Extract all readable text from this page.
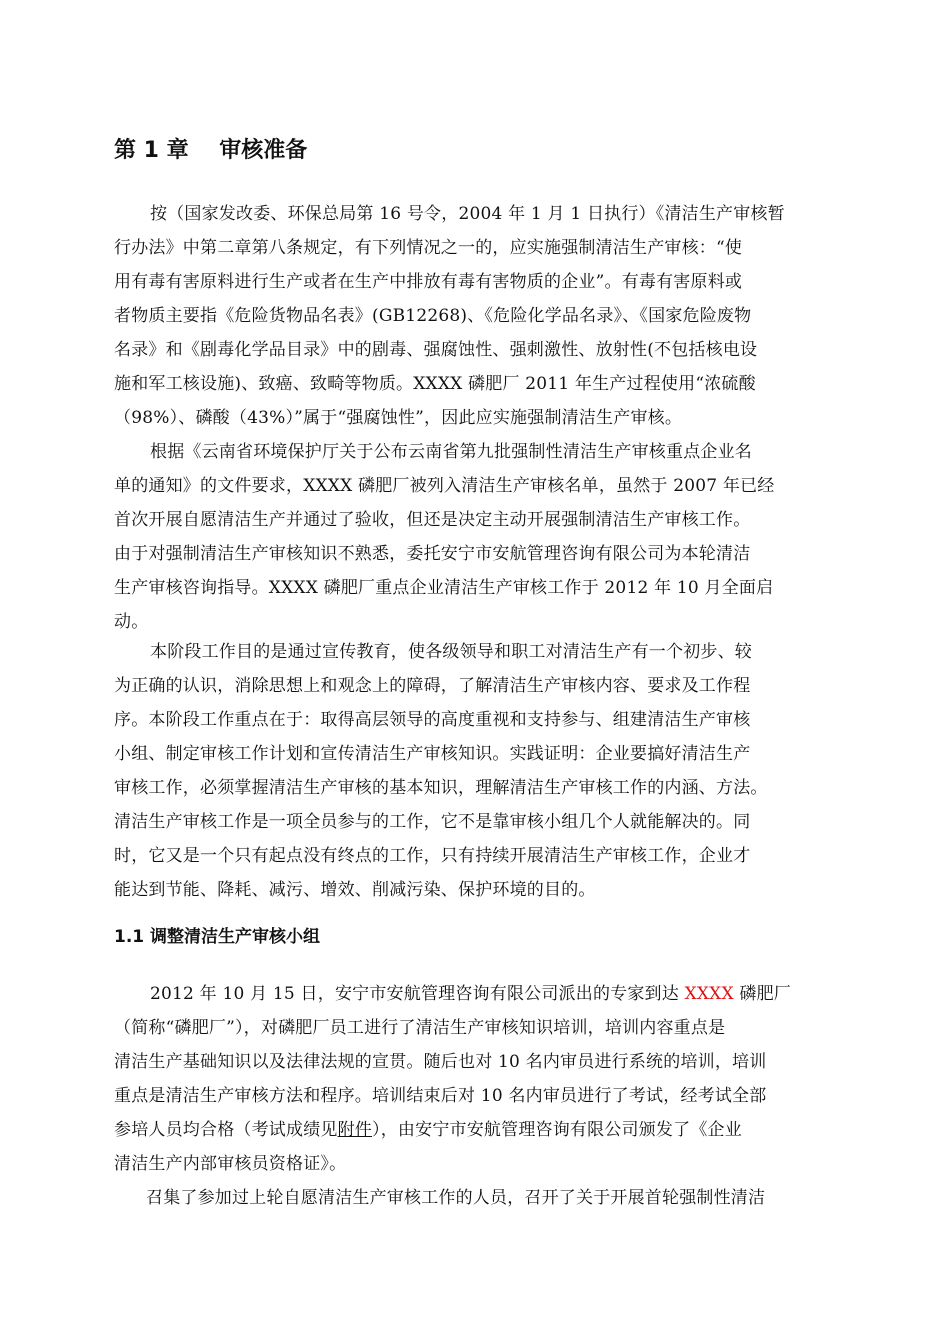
第 1 章    审核准备
按（国家发改委、环保总局第 16 号令，2004 年 1 月 1 日执行）《清洁生产审核暂
行办法》中第二章第八条规定，有下列情况之一的，应实施强制清洁生产审核：“使
用有毒有害原料进行生产或者在生产中排放有毒有害物质的企业”。有毒有害原料或
者物质主要指《危险货物品名表》(GB12268)、《危险化学品名录》、《国家危险废物
名录》和《剧毒化学品目录》中的剧毒、强腐蚀性、强刺激性、放射性(不包括核电设
施和军工核设施)、致癌、致畸等物质。XXXX 磷肥厂 2011 年生产过程使用“浓硫酸
（98%）、磷酸（43%）”属于“强腐蚀性”，因此应实施强制清洁生产审核。
根据《云南省环境保护厅关于公布云南省第九批强制性清洁生产审核重点企业名
单的通知》的文件要求，XXXX 磷肥厂被列入清洁生产审核名单，虽然于 2007 年已经
首次开展自愿清洁生产并通过了验收，但还是决定主动开展强制清洁生产审核工作。
由于对强制清洁生产审核知识不熟悉，委托安宁市安航管理咨询有限公司为本轮清洁
生产审核咨询指导。XXXX 磷肥厂重点企业清洁生产审核工作于 2012 年 10 月全面启
动。
本阶段工作目的是通过宣传教育，使各级领导和职工对清洁生产有一个初步、较
为正确的认识，消除思想上和观念上的障碍，了解清洁生产审核内容、要求及工作程
序。本阶段工作重点在于：取得高层领导的高度重视和支持参与、组建清洁生产审核
小组、制定审核工作计划和宣传清洁生产审核知识。实践证明：企业要搞好清洁生产
审核工作，必须掌握清洁生产审核的基本知识，理解清洁生产审核工作的内涵、方法。
清洁生产审核工作是一项全员参与的工作，它不是靠审核小组几个人就能解决的。同
时，它又是一个只有起点没有终点的工作，只有持续开展清洁生产审核工作，企业才
能达到节能、降耗、减污、增效、削减污染、保护环境的目的。
1.1 调整清洁生产审核小组
2012 年 10 月 15 日，安宁市安航管理咨询有限公司派出的专家到达 XXXX 磷肥厂
（简称“磷肥厂”），对磷肥厂员工进行了清洁生产审核知识培训，培训内容重点是
清洁生产基础知识以及法律法规的宣贯。随后也对 10 名内审员进行系统的培训，培训
重点是清洁生产审核方法和程序。培训结束后对 10 名内审员进行了考试，经考试全部
参培人员均合格（考试成绩见附件），由安宁市安航管理咨询有限公司颁发了《企业
清洁生产内部审核员资格证》。
召集了参加过上轮自愿清洁生产审核工作的人员，召开了关于开展首轮强制性清洁
